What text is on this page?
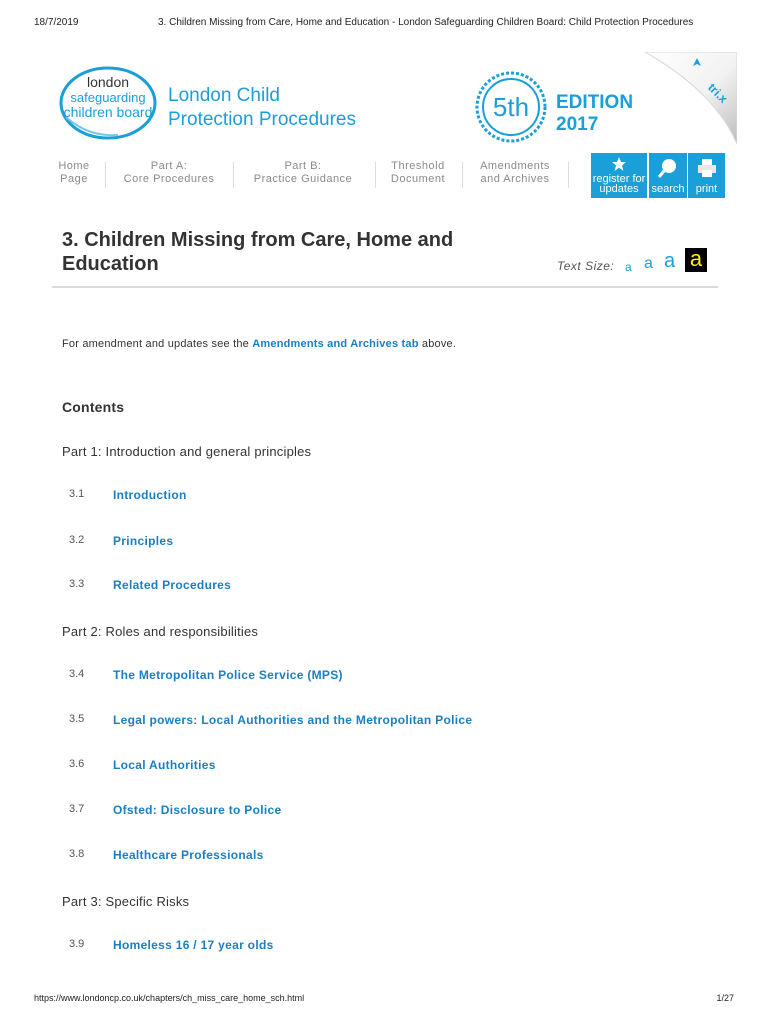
18/7/2019	3. Children Missing from Care, Home and Education - London Safeguarding Children Board: Child Protection Procedures
london
safeguarding
children board
London Child
Protection Procedures	5th EDITION
2017
tri.x
Home
Page
Part A:
Core Procedures
Part B:
Practice Guidance
Threshold
Document
Amendments
and Archives	register for
updates	search	print
3. Children Missing from Care, Home and Education	Text Size: a a a a

For amendment and updates see the Amendments and Archives tab above.

Contents
Part 1: Introduction and general principles
3.1 Introduction
3.2 Principles
3.3 Related Procedures
Part 2: Roles and responsibilities
3.4 The Metropolitan Police Service (MPS)
3.5 Legal powers: Local Authorities and the Metropolitan Police
3.6 Local Authorities
3.7 Ofsted: Disclosure to Police
3.8 Healthcare Professionals
Part 3: Specific Risks
3.9 Homeless 16 / 17 year olds
https://www.londoncp.co.uk/chapters/ch_miss_care_home_sch.html	1/27
